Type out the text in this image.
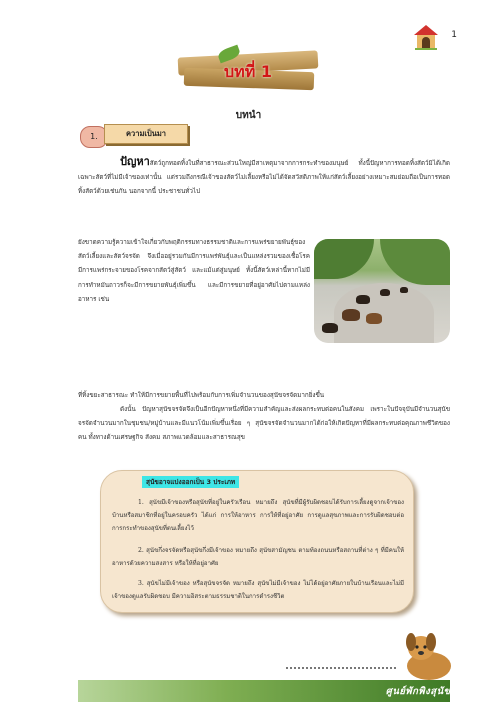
1
บทที่ 1
บทนำ
1.	ความเป็นมา
ปัญหาสัตว์ถูกทอดทิ้งในที่สาธารณะส่วนใหญ่มีสาเหตุมาจากการกระทำของมนุษย์ ทั้งนี้ปัญหาการทอดทิ้งสัตว์มิได้เกิดเฉพาะสัตว์ที่ไม่มีเจ้าของเท่านั้น แต่รวมถึงกรณีเจ้าของสัตว์ไม่เลี้ยงหรือไม่ได้จัดสวัสดิภาพให้แก่สัตว์เลี้ยงอย่างเหมาะสมย่อมถือเป็นการทอดทิ้งสัตว์ด้วยเช่นกัน นอกจากนี้ ประชาชนทั่วไป
ยังขาดความรู้ความเข้าใจเกี่ยวกับพฤติกรรมทางธรรมชาติและการแพร่ขยายพันธุ์ของสัตว์เลี้ยงและสัตว์จรจัด จึงเมื่ออยู่รวมกันมีการแพร่พันธุ์และเป็นแหล่งรวมของเชื้อโรค มีการแพร่กระจายของโรคจากสัตว์สู่สัตว์ และแม้แต่สู่มนุษย์ ทั้งนี้สัตว์เหล่านี้หากไม่มีการทำหมันถาวรก็จะมีการขยายพันธุ์เพิ่มขึ้น และมีการขยายที่อยู่อาศัยไปตามแหล่งอาหาร เช่น
ที่ทิ้งขยะสาธารณะ ทำให้มีการขยายพื้นที่ไปพร้อมกับการเพิ่มจำนวนของสุนัขจรจัดมากยิ่งขึ้น
ดังนั้น ปัญหาสุนัขจรจัดจึงเป็นอีกปัญหาหนึ่งที่มีความสำคัญและส่งผลกระทบต่อคนในสังคม เพราะในปัจจุบันมีจำนวนสุนัขจรจัดจำนวนมากในชุมชน/หมู่บ้านและมีแนวโน้มเพิ่มขึ้นเรื่อย ๆ สุนัขจรจัดจำนวนมากได้ก่อให้เกิดปัญหาที่มีผลกระทบต่อคุณภาพชีวิตของคน ทั้งทางด้านเศรษฐกิจ สังคม สภาพแวดล้อมและสาธารณสุข
สุนัขอาจแบ่งออกเป็น 3 ประเภท
1. สุนัขมีเจ้าของหรือสุนัขที่อยู่ในครัวเรือน หมายถึง สุนัขที่มีผู้รับผิดชอบได้รับการเลี้ยงดูจากเจ้าของบ้านหรือสมาชิกที่อยู่ในครอบครัว ได้แก่ การให้อาหาร การให้ที่อยู่อาศัย การดูแลสุขภาพและการรับผิดชอบต่อการกระทำของสุนัขที่ตนเลี้ยงไว้
2. สุนัขกึ่งจรจัดหรือสุนัขกึ่งมีเจ้าของ หมายถึง สุนัขสามัญชน ตามท้องถนนหรือสถานที่ต่าง ๆ ที่มีคนให้อาหารด้วยความสงสาร หรือให้ที่อยู่อาศัย
3. สุนัขไม่มีเจ้าของ หรือสุนัขจรจัด หมายถึง สุนัขไม่มีเจ้าของ ไม่ได้อยู่อาศัยภายในบ้านเรือนและไม่มีเจ้าของดูแลรับผิดชอบ มีความอิสระตามธรรมชาติในการดำรงชีวิต
ศูนย์พักพิงสุนัขจรจัด
